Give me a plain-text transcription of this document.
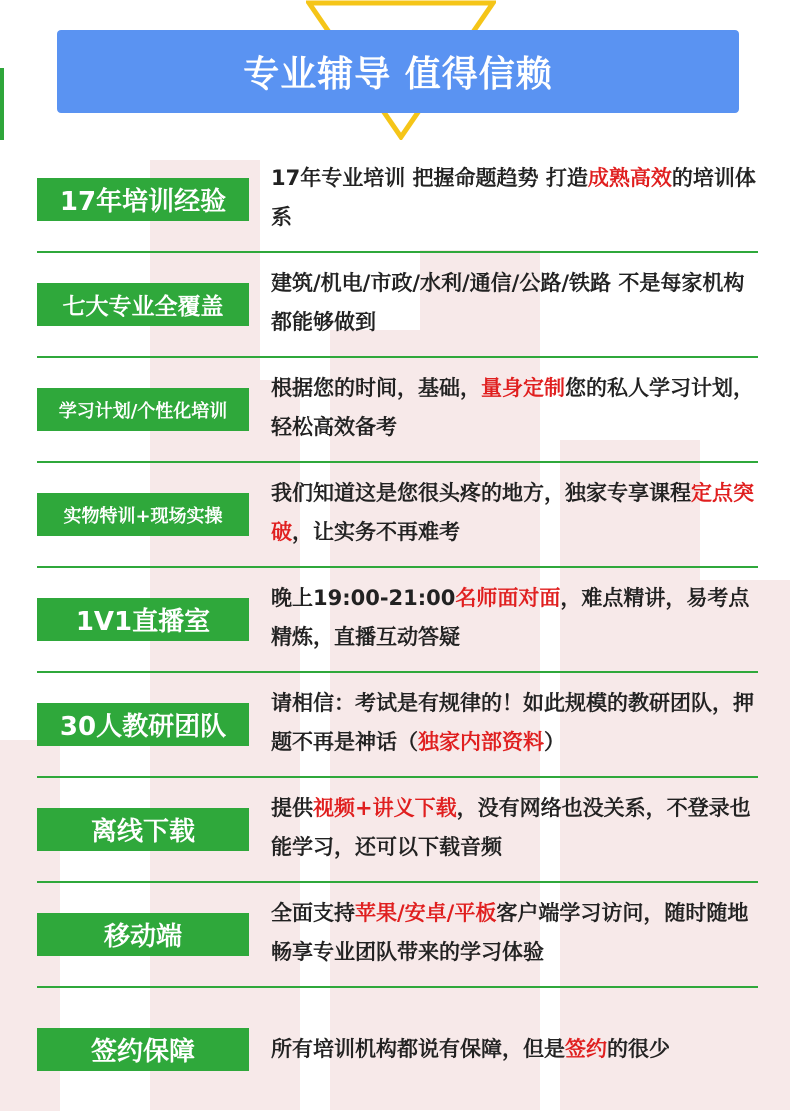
专业辅导 值得信赖
17年培训经验
17年专业培训 把握命题趋势 打造成熟高效的培训体系
七大专业全覆盖
建筑/机电/市政/水利/通信/公路/铁路 不是每家机构都能够做到
学习计划/个性化培训
根据您的时间，基础，量身定制您的私人学习计划，轻松高效备考
实物特训+现场实操
我们知道这是您很头疼的地方，独家专享课程定点突破，让实务不再难考
1V1直播室
晚上19:00-21:00名师面对面，难点精讲，易考点精炼，直播互动答疑
30人教研团队
请相信：考试是有规律的！如此规模的教研团队，押题不再是神话（独家内部资料）
离线下载
提供视频+讲义下载，没有网络也没关系，不登录也能学习，还可以下载音频
移动端
全面支持苹果/安卓/平板客户端学习访问，随时随地畅享专业团队带来的学习体验
签约保障	所有培训机构都说有保障，但是签约的很少
